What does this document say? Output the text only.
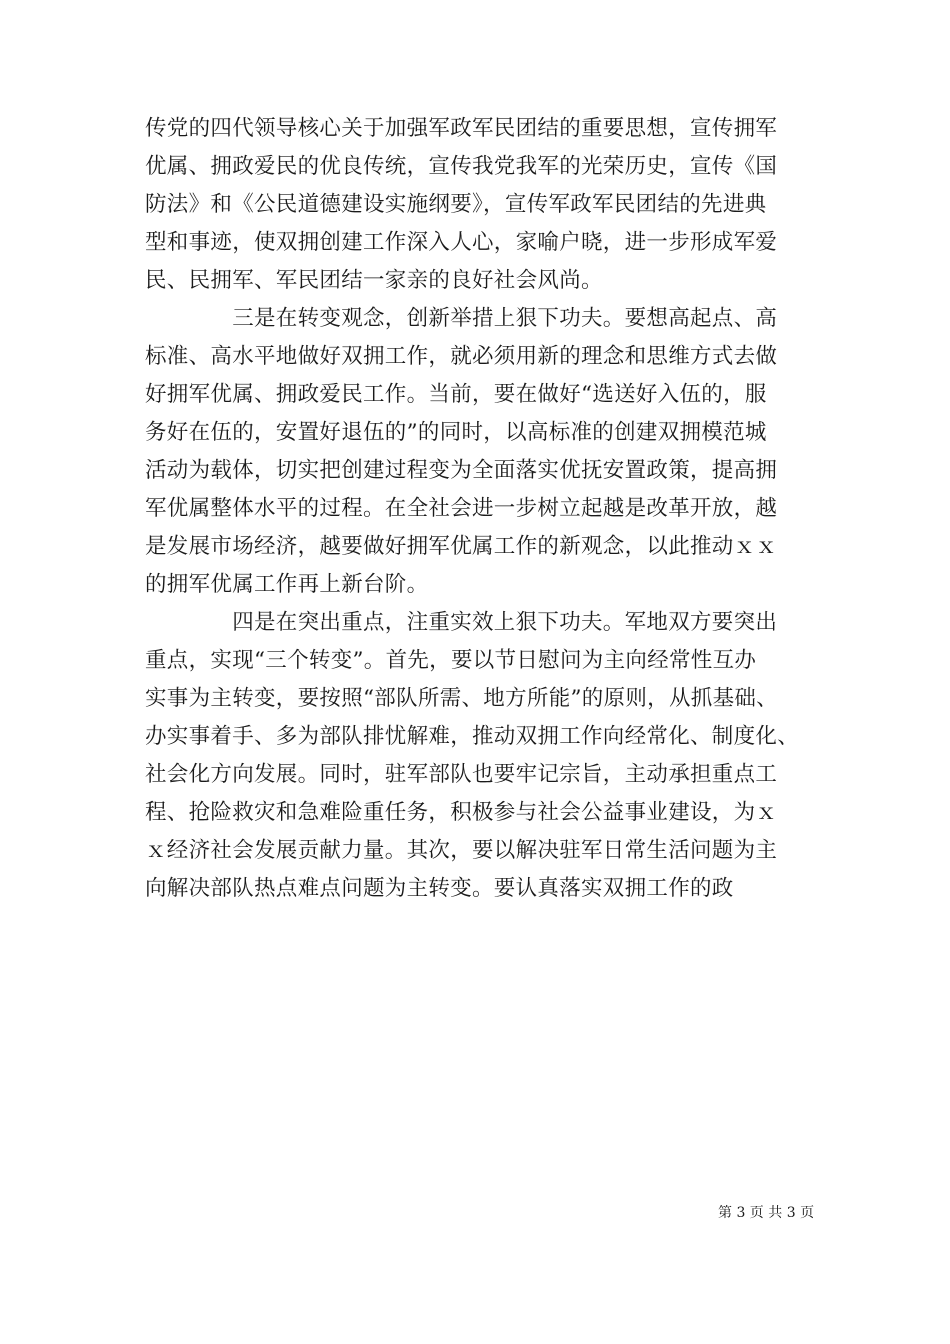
传党的四代领导核心关于加强军政军民团结的重要思想，宣传拥军
优属、拥政爱民的优良传统，宣传我党我军的光荣历史，宣传《国
防法》和《公民道德建设实施纲要》，宣传军政军民团结的先进典
型和事迹，使双拥创建工作深入人心，家喻户晓，进一步形成军爱
民、民拥军、军民团结一家亲的良好社会风尚。
　　　　三是在转变观念，创新举措上狠下功夫。要想高起点、高
标准、高水平地做好双拥工作，就必须用新的理念和思维方式去做
好拥军优属、拥政爱民工作。当前，要在做好“选送好入伍的，服
务好在伍的，安置好退伍的”的同时，以高标准的创建双拥模范城
活动为载体，切实把创建过程变为全面落实优抚安置政策，提高拥
军优属整体水平的过程。在全社会进一步树立起越是改革开放，越
是发展市场经济，越要做好拥军优属工作的新观念，以此推动ｘｘ
的拥军优属工作再上新台阶。
　　　　四是在突出重点，注重实效上狠下功夫。军地双方要突出
重点，实现“三个转变”。首先，要以节日慰问为主向经常性互办
实事为主转变，要按照“部队所需、地方所能”的原则，从抓基础、
办实事着手、多为部队排忧解难，推动双拥工作向经常化、制度化、
社会化方向发展。同时，驻军部队也要牢记宗旨，主动承担重点工
程、抢险救灾和急难险重任务，积极参与社会公益事业建设，为ｘ
ｘ经济社会发展贡献力量。其次，要以解决驻军日常生活问题为主
向解决部队热点难点问题为主转变。要认真落实双拥工作的政
第 3 页 共 3 页
